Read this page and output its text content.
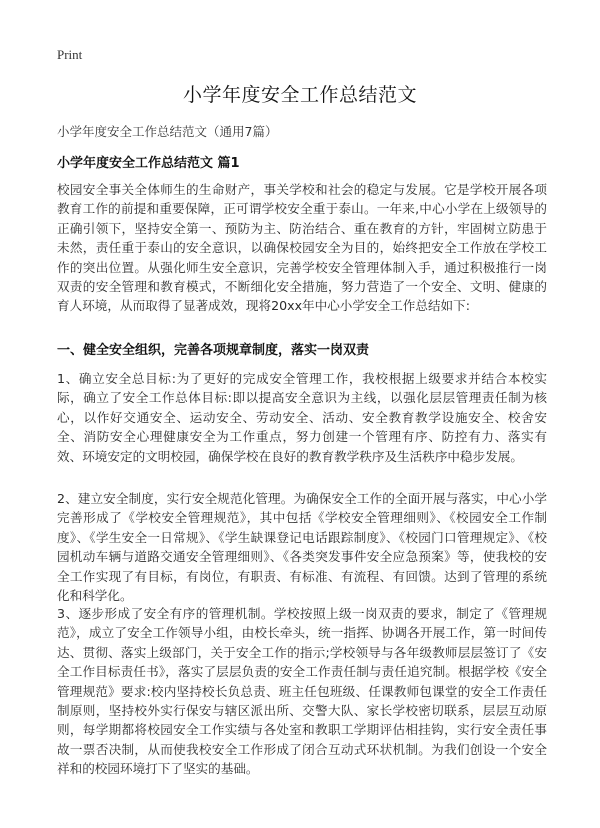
Print
小学年度安全工作总结范文
小学年度安全工作总结范文（通用7篇）
小学年度安全工作总结范文 篇1

校园安全事关全体师生的生命财产，事关学校和社会的稳定与发展。它是学校开展各项教育工作的前提和重要保障，正可谓学校安全重于泰山。一年来,中心小学在上级领导的正确引领下，坚持安全第一、预防为主、防治结合、重在教育的方针，牢固树立防患于未然，责任重于泰山的安全意识，以确保校园安全为目的，始终把安全工作放在学校工作的突出位置。从强化师生安全意识，完善学校安全管理体制入手，通过积极推行一岗双责的安全管理和教育模式，不断细化安全措施，努力营造了一个安全、文明、健康的育人环境，从而取得了显著成效，现将20xx年中心小学安全工作总结如下:

一、健全安全组织，完善各项规章制度，落实一岗双责

1、确立安全总目标:为了更好的完成安全管理工作，我校根据上级要求并结合本校实际，确立了安全工作总体目标:即以提高安全意识为主线，以强化层层管理责任制为核心，以作好交通安全、运动安全、劳动安全、活动、安全教育教学设施安全、校舍安全、消防安全心理健康安全为工作重点，努力创建一个管理有序、防控有力、落实有效、环境安定的文明校园，确保学校在良好的教育教学秩序及生活秩序中稳步发展。

2、建立安全制度，实行安全规范化管理。为确保安全工作的全面开展与落实，中心小学完善形成了《学校安全管理规范》，其中包括《学校安全管理细则》、《校园安全工作制度》、《学生安全一日常规》、《学生缺课登记电话跟踪制度》、《校园门口管理规定》、《校园机动车辆与道路交通安全管理细则》、《各类突发事件安全应急预案》等，使我校的安全工作实现了有目标，有岗位，有职责、有标准、有流程、有回馈。达到了管理的系统化和科学化。

3、逐步形成了安全有序的管理机制。学校按照上级一岗双责的要求，制定了《管理规范》，成立了安全工作领导小组，由校长牵头，统一指挥、协调各开展工作，第一时间传达、贯彻、落实上级部门，关于安全工作的指示;学校领导与各年级教师层层签订了《安全工作目标责任书》，落实了层层负责的安全工作责任制与责任追究制。根据学校《安全管理规范》要求:校内坚持校长负总责、班主任包班级、任课教师包课堂的安全工作责任制原则，坚持校外实行保安与辖区派出所、交警大队、家长学校密切联系，层层互动原则，每学期都将校园安全工作实绩与各处室和教职工学期评估相挂钩，实行安全责任事故一票否决制，从而使我校安全工作形成了闭合互动式环状机制。为我们创设一个安全祥和的校园环境打下了坚实的基础。
